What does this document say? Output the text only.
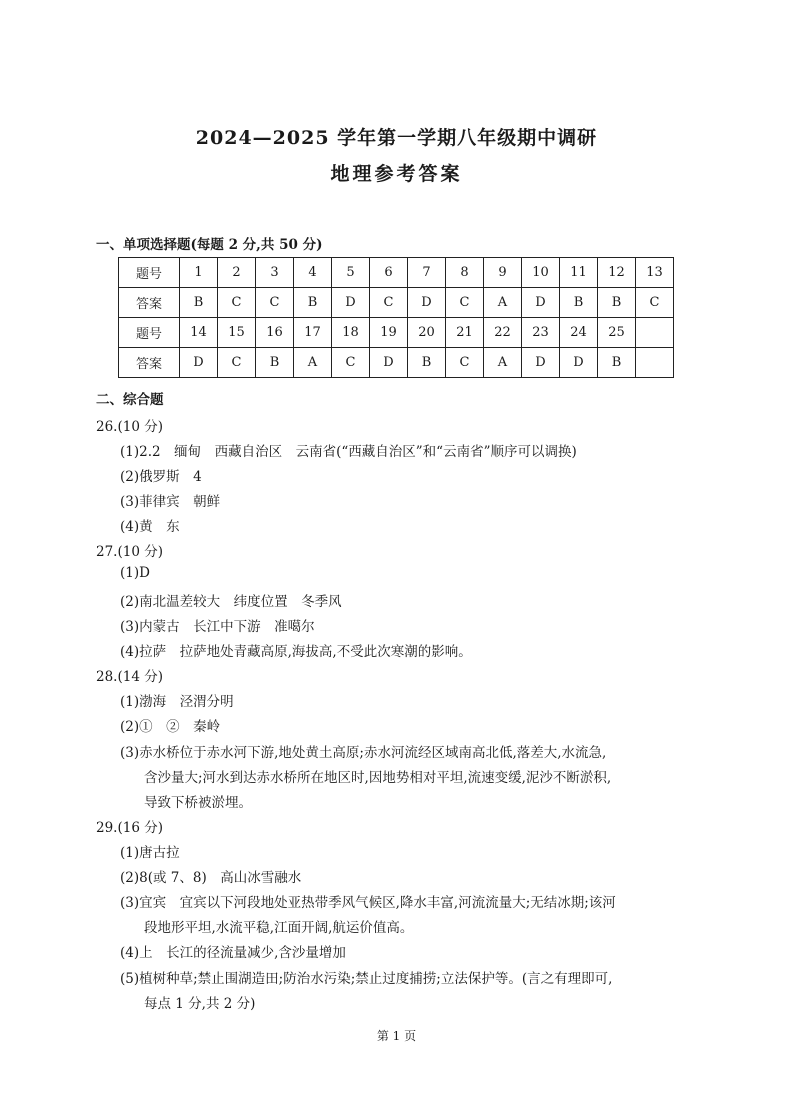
2024—2025 学年第一学期八年级期中调研
地理参考答案
一、单项选择题(每题 2 分,共 50 分)
题号	1	2	3	4	5	6	7	8	9	10	11	12	13
答案	B	C	C	B	D	C	D	C	A	D	B	B	C
题号	14	15	16	17	18	19	20	21	22	23	24	25	
答案	D	C	B	A	C	D	B	C	A	D	D	B	
二、综合题
26.(10 分)
(1)2.2　缅甸　西藏自治区　云南省(“西藏自治区”和“云南省”顺序可以调换)
(2)俄罗斯　4
(3)菲律宾　朝鲜
(4)黄　东
27.(10 分)
(1)D
(2)南北温差较大　纬度位置　冬季风
(3)内蒙古　长江中下游　准噶尔
(4)拉萨　拉萨地处青藏高原,海拔高,不受此次寒潮的影响。
28.(14 分)
(1)渤海　泾渭分明
(2)①　②　秦岭
(3)赤水桥位于赤水河下游,地处黄土高原;赤水河流经区域南高北低,落差大,水流急,
含沙量大;河水到达赤水桥所在地区时,因地势相对平坦,流速变缓,泥沙不断淤积,
导致下桥被淤埋。
29.(16 分)
(1)唐古拉
(2)8(或 7、8)　高山冰雪融水
(3)宜宾　宜宾以下河段地处亚热带季风气候区,降水丰富,河流流量大;无结冰期;该河
段地形平坦,水流平稳,江面开阔,航运价值高。
(4)上　长江的径流量减少,含沙量增加
(5)植树种草;禁止围湖造田;防治水污染;禁止过度捕捞;立法保护等。(言之有理即可,
每点 1 分,共 2 分)
第 1 页
